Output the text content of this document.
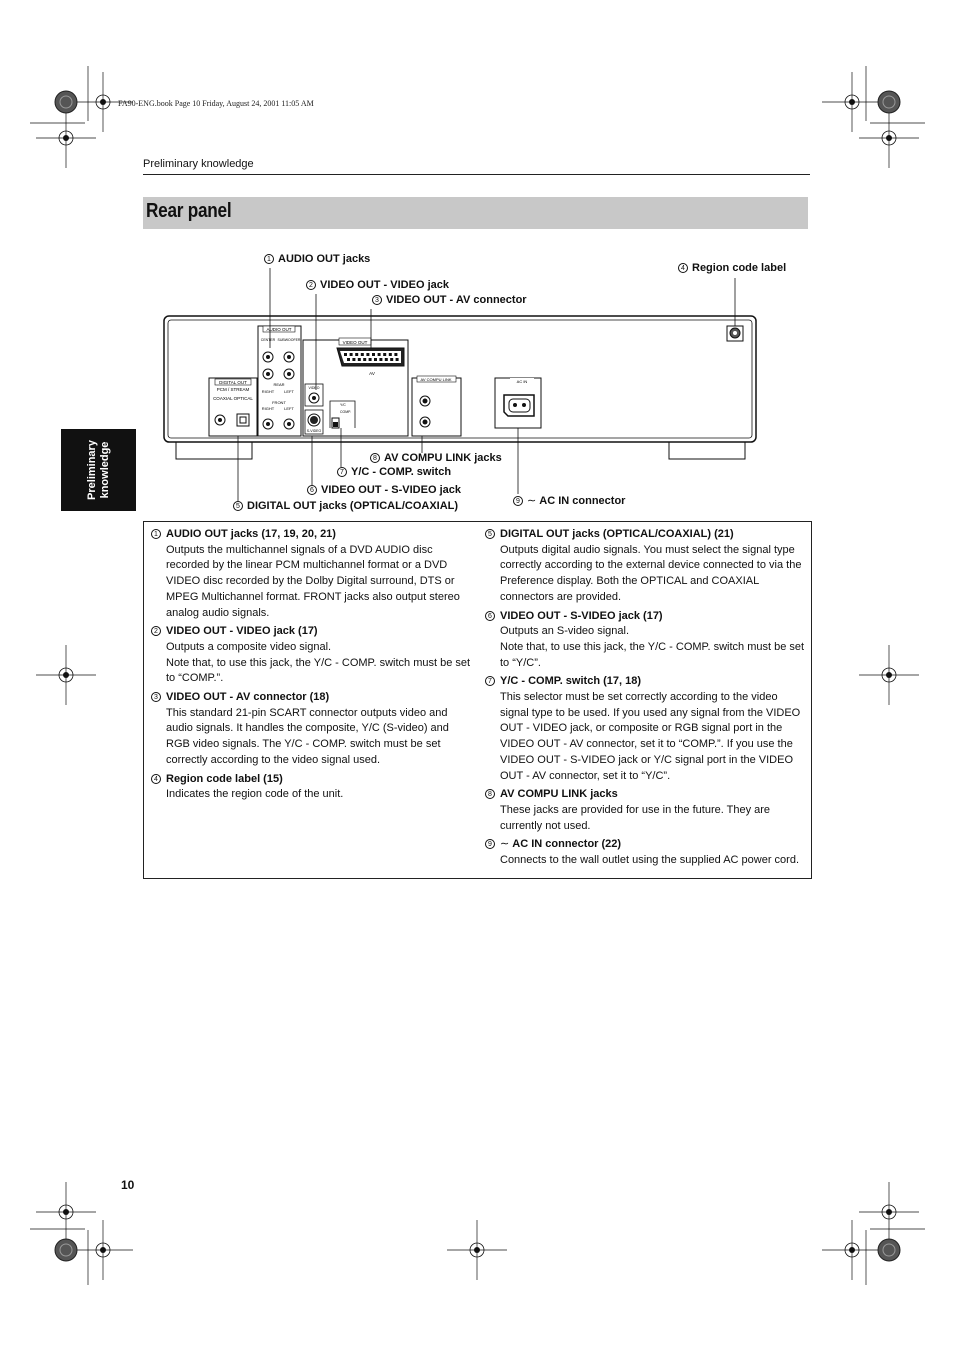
FA90-ENG.book Page 10 Friday, August 24, 2001 11:05 AM
Preliminary knowledge
Rear panel
Preliminary knowledge
DIGITAL OUT
PCM / STREAM
COAXIAL OPTICAL
AUDIO OUT
CENTER SUBWOOFER
REAR
RIGHT LEFT
FRONT
RIGHT LEFT
VIDEO OUT
AV
VIDEO
S-VIDEO
Y/C
COMP.
AV COMPU LINK	AC IN
1 AUDIO OUT jacks
2 VIDEO OUT - VIDEO jack
3 VIDEO OUT - AV connector
4 Region code label
8 AV COMPU LINK jacks
7 Y/C - COMP. switch
6 VIDEO OUT - S-VIDEO jack
5 DIGITAL OUT jacks (OPTICAL/COAXIAL)	9 ∼ AC IN connector
1 AUDIO OUT jacks (17, 19, 20, 21)
Outputs the multichannel signals of a DVD AUDIO disc recorded by the linear PCM multichannel format or a DVD VIDEO disc recorded by the Dolby Digital surround, DTS or MPEG Multichannel format. FRONT jacks also output stereo analog audio signals.
2 VIDEO OUT - VIDEO jack (17)
Outputs a composite video signal.
Note that, to use this jack, the Y/C - COMP. switch must be set to “COMP.”.
3 VIDEO OUT - AV connector (18)
This standard 21-pin SCART connector outputs video and audio signals. It handles the composite, Y/C (S-video) and RGB video signals. The Y/C - COMP. switch must be set correctly according to the video signal used.
4 Region code label (15)
Indicates the region code of the unit.
5 DIGITAL OUT jacks (OPTICAL/COAXIAL) (21)
Outputs digital audio signals. You must select the signal type correctly according to the external device connected to via the Preference display. Both the OPTICAL and COAXIAL connectors are provided.
6 VIDEO OUT - S-VIDEO jack (17)
Outputs an S-video signal.
Note that, to use this jack, the Y/C - COMP. switch must be set to “Y/C”.
7 Y/C - COMP. switch (17, 18)
This selector must be set correctly according to the video signal type to be used. If you used any signal from the VIDEO OUT - VIDEO jack, or composite or RGB signal port in the VIDEO OUT - AV connector, set it to “COMP.”. If you use the VIDEO OUT - S-VIDEO jack or Y/C signal port in the VIDEO OUT - AV connector, set it to “Y/C”.
8 AV COMPU LINK jacks
These jacks are provided for use in the future. They are currently not used.
9 ∼ AC IN connector (22)
Connects to the wall outlet using the supplied AC power cord.
10
